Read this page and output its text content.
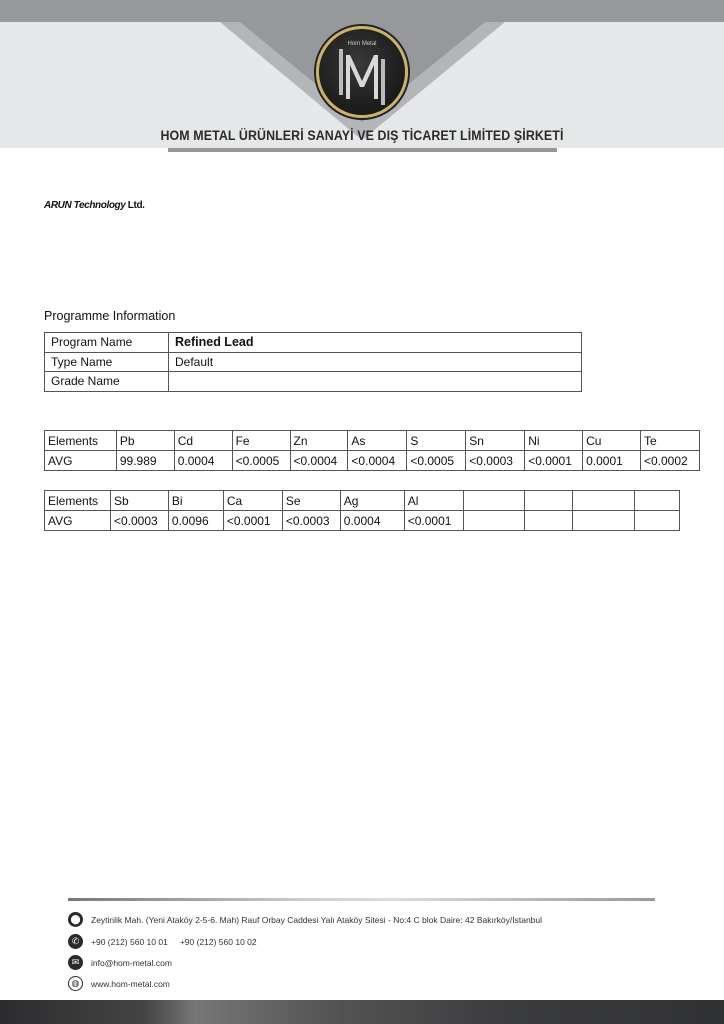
Hom Metal
HOM METAL ÜRÜNLERİ SANAYİ VE DIŞ TİCARET LİMİTED ŞİRKETİ
ARUN Technology Ltd.
Programme Information
Program Name	Refined Lead
Type Name	Default
Grade Name	
Elements	Pb	Cd	Fe	Zn	As	S	Sn	Ni	Cu	Te
AVG	99.989	0.0004	<0.0005	<0.0004	<0.0004	<0.0005	<0.0003	<0.0001	0.0001	<0.0002
Elements	Sb	Bi	Ca	Se	Ag	Al				
AVG	<0.0003	0.0096	<0.0001	<0.0003	0.0004	<0.0001				
⬤ Zeytinlik Mah. (Yeni Ataköy 2-5-6. Mah) Rauf Orbay Caddesi Yalı Ataköy Sitesi - No:4 C blok Daire: 42 Bakırköy/İstanbul
✆	+90 (212) 560 10 01 +90 (212) 560 10 02
✉	info@hom-metal.com
◍	www.hom-metal.com
